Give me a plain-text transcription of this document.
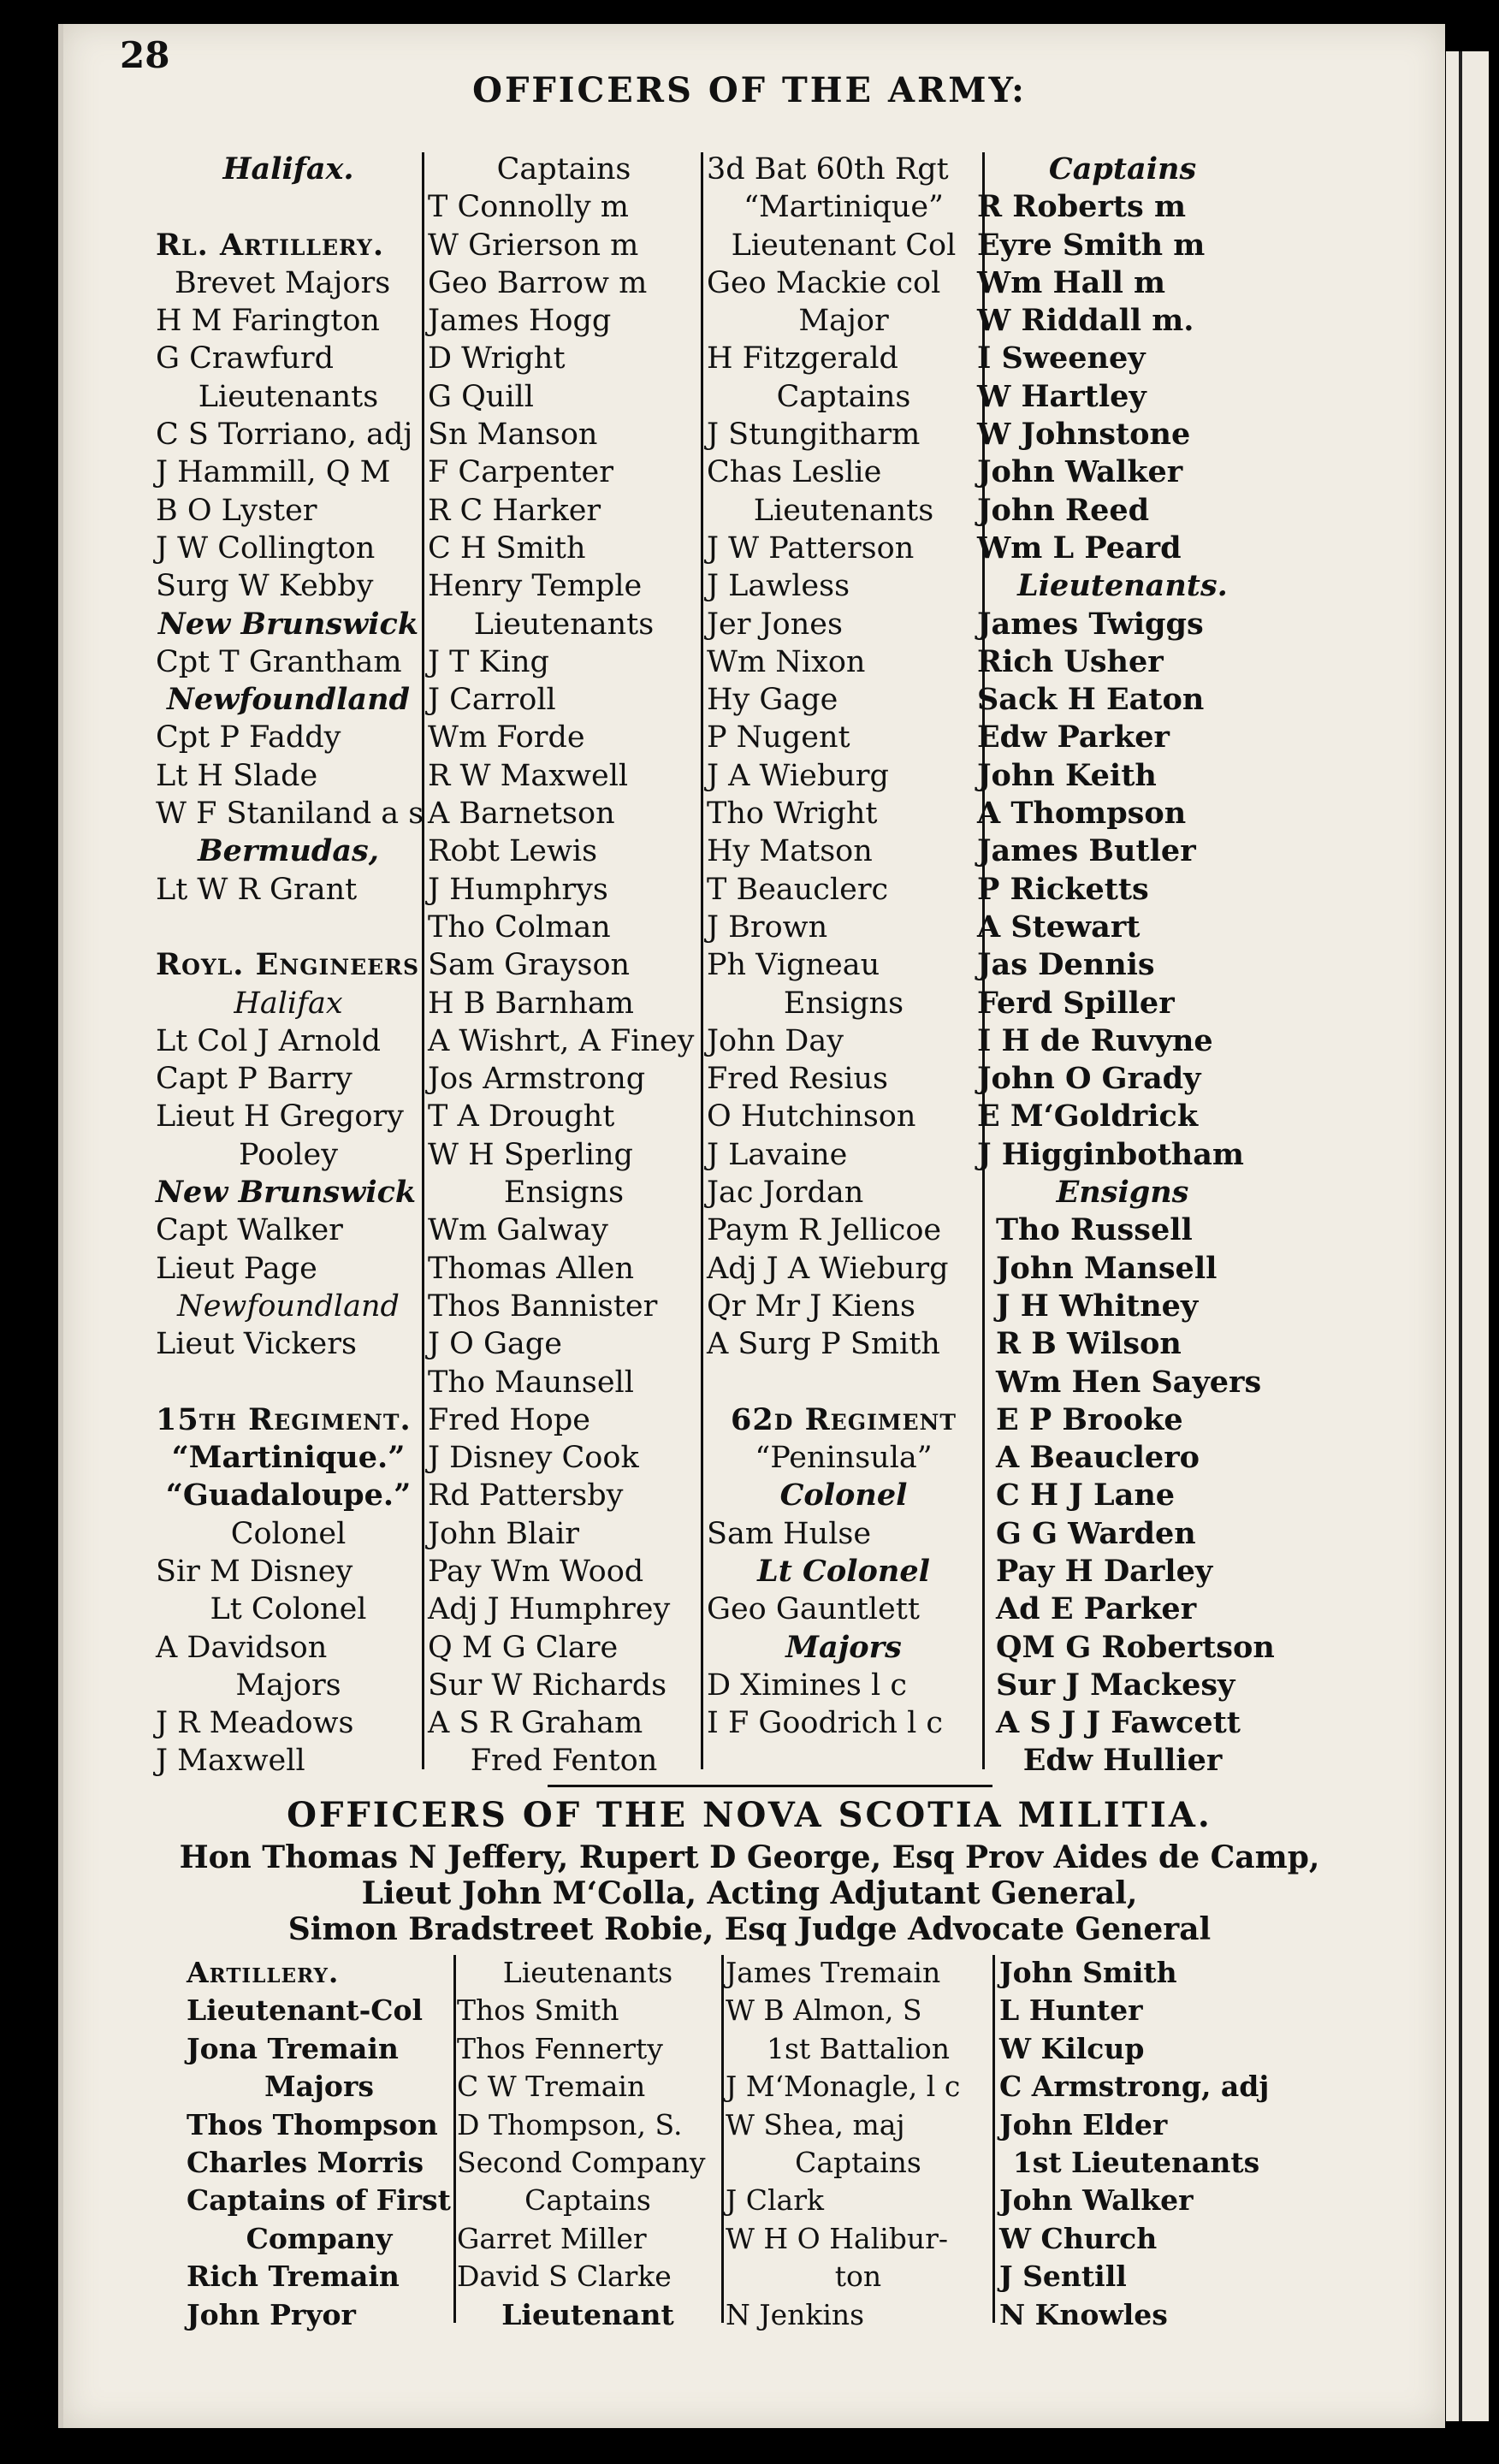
28
OFFICERS OF THE ARMY:
Halifax.
Rl. Artillery.
Brevet Majors
H M Farington
G Crawfurd
Lieutenants
C S Torriano, adj
J Hammill, Q M
B O Lyster
J W Collington
Surg W Kebby
New Brunswick
Cpt T Grantham
Newfoundland
Cpt P Faddy
Lt H Slade
W F Staniland a s
Bermudas,
Lt W R Grant
Royl. Engineers
Halifax
Lt Col J Arnold
Capt P Barry
Lieut H Gregory
Pooley
New Brunswick
Capt Walker
Lieut Page
Newfoundland
Lieut Vickers
15th Regiment.
“Martinique.”
“Guadaloupe.”
Colonel
Sir M Disney
Lt Colonel
A Davidson
Majors
J R Meadows
J Maxwell
Captains
T Connolly m
W Grierson m
Geo Barrow m
James Hogg
D Wright
G Quill
Sn Manson
F Carpenter
R C Harker
C H Smith
Henry Temple
Lieutenants
J T King
J Carroll
Wm Forde
R W Maxwell
A Barnetson
Robt Lewis
J Humphrys
Tho Colman
Sam Grayson
H B Barnham
A Wishrt, A Finey
Jos Armstrong
T A Drought
W H Sperling
Ensigns
Wm Galway
Thomas Allen
Thos Bannister
J O Gage
Tho Maunsell
Fred Hope
J Disney Cook
Rd Pattersby
John Blair
Pay Wm Wood
Adj J Humphrey
Q M G Clare
Sur W Richards
A S R Graham
Fred Fenton
3d Bat 60th Rgt
“Martinique”
Lieutenant Col
Geo Mackie col
Major
H Fitzgerald
Captains
J Stungitharm
Chas Leslie
Lieutenants
J W Patterson
J Lawless
Jer Jones
Wm Nixon
Hy Gage
P Nugent
J A Wieburg
Tho Wright
Hy Matson
T Beauclerc
J Brown
Ph Vigneau
Ensigns
John Day
Fred Resius
O Hutchinson
J Lavaine
Jac Jordan
Paym R Jellicoe
Adj J A Wieburg
Qr Mr J Kiens
A Surg P Smith
62d Regiment
“Peninsula”
Colonel
Sam Hulse
Lt Colonel
Geo Gauntlett
Majors
D Ximines l c
I F Goodrich l c
Captains
R Roberts m
Eyre Smith m
Wm Hall m
W Riddall m.
I Sweeney
W Hartley
W Johnstone
John Walker
John Reed
Wm L Peard
Lieutenants.
James Twiggs
Rich Usher
Sack H Eaton
Edw Parker
John Keith
A Thompson
James Butler
P Ricketts
A Stewart
Jas Dennis
Ferd Spiller
I H de Ruvyne
John O Grady
E M‘Goldrick
J Higginbotham
Ensigns
Tho Russell
John Mansell
J H Whitney
R B Wilson
Wm Hen Sayers
E P Brooke
A Beauclero
C H J Lane
G G Warden
Pay H Darley
Ad E Parker
QM G Robertson
Sur J Mackesy
A S J J Fawcett
Edw Hullier
OFFICERS OF THE NOVA SCOTIA MILITIA.
Hon Thomas N Jeffery, Rupert D George, Esq Prov Aides de Camp,
Lieut John M‘Colla, Acting Adjutant General,
Simon Bradstreet Robie, Esq Judge Advocate General
Artillery.
Lieutenant-Col
Jona Tremain
Majors
Thos Thompson
Charles Morris
Captains of First
Company
Rich Tremain
John Pryor
Lieutenants
Thos Smith
Thos Fennerty
C W Tremain
D Thompson, S.
Second Company
Captains
Garret Miller
David S Clarke
Lieutenant
James Tremain
W B Almon, S
1st Battalion
J M‘Monagle, l c
W Shea, maj
Captains
J Clark
W H O Halibur-
ton
N Jenkins
John Smith
L Hunter
W Kilcup
C Armstrong, adj
John Elder
1st Lieutenants
John Walker
W Church
J Sentill
N Knowles
